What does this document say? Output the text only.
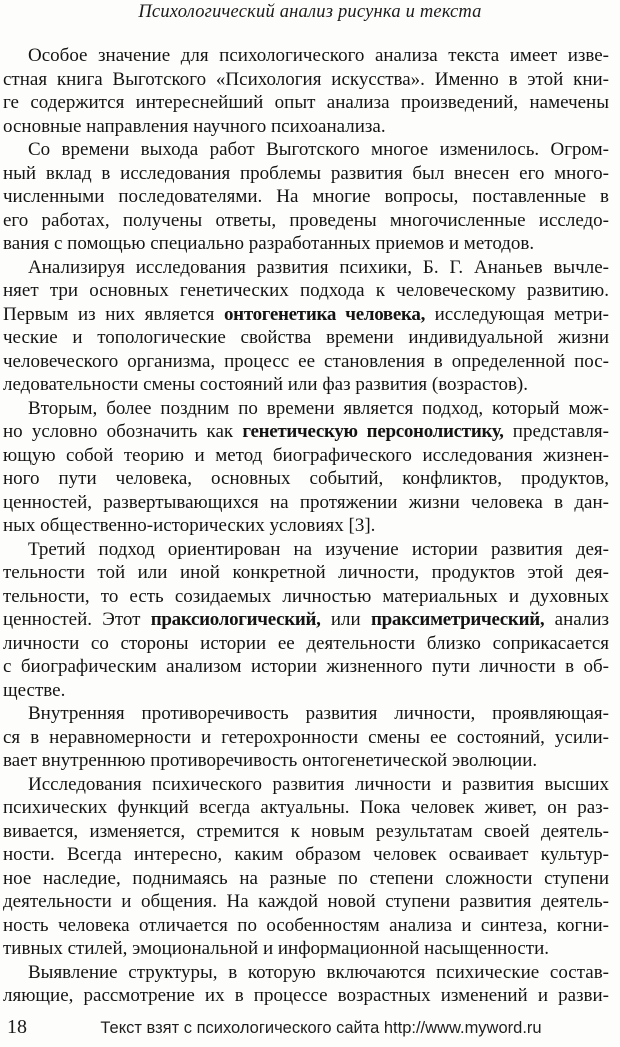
Психологический анализ рисунка и текста
Особое значение для психологического анализа текста имеет изве-
стная книга Выготского «Психология искусства». Именно в этой кни-
ге содержится интереснейший опыт анализа произведений, намечены
основные направления научного психоанализа.
Со времени выхода работ Выготского многое изменилось. Огром-
ный вклад в исследования проблемы развития был внесен его много-
численными последователями. На многие вопросы, поставленные в
его работах, получены ответы, проведены многочисленные исследо-
вания с помощью специально разработанных приемов и методов.
Анализируя исследования развития психики, Б. Г. Ананьев вычле-
няет три основных генетических подхода к человеческому развитию.
Первым из них является онтогенетика человека, исследующая метри-
ческие и топологические свойства времени индивидуальной жизни
человеческого организма, процесс ее становления в определенной пос-
ледовательности смены состояний или фаз развития (возрастов).
Вторым, более поздним по времени является подход, который мож-
но условно обозначить как генетическую персонолистику, представля-
ющую собой теорию и метод биографического исследования жизнен-
ного пути человека, основных событий, конфликтов, продуктов,
ценностей, развертывающихся на протяжении жизни человека в дан-
ных общественно-исторических условиях [3].
Третий подход ориентирован на изучение истории развития дея-
тельности той или иной конкретной личности, продуктов этой дея-
тельности, то есть созидаемых личностью материальных и духовных
ценностей. Этот праксиологический, или праксиметрический, анализ
личности со стороны истории ее деятельности близко соприкасается
с биографическим анализом истории жизненного пути личности в об-
ществе.
Внутренняя противоречивость развития личности, проявляющая-
ся в неравномерности и гетерохронности смены ее состояний, усили-
вает внутреннюю противоречивость онтогенетической эволюции.
Исследования психического развития личности и развития высших
психических функций всегда актуальны. Пока человек живет, он раз-
вивается, изменяется, стремится к новым результатам своей деятель-
ности. Всегда интересно, каким образом человек осваивает культур-
ное наследие, поднимаясь на разные по степени сложности ступени
деятельности и общения. На каждой новой ступени развития деятель-
ность человека отличается по особенностям анализа и синтеза, когни-
тивных стилей, эмоциональной и информационной насыщенности.
Выявление структуры, в которую включаются психические состав-
ляющие, рассмотрение их в процессе возрастных изменений и разви-
18	Текст взят с психологического сайта http://www.myword.ru
